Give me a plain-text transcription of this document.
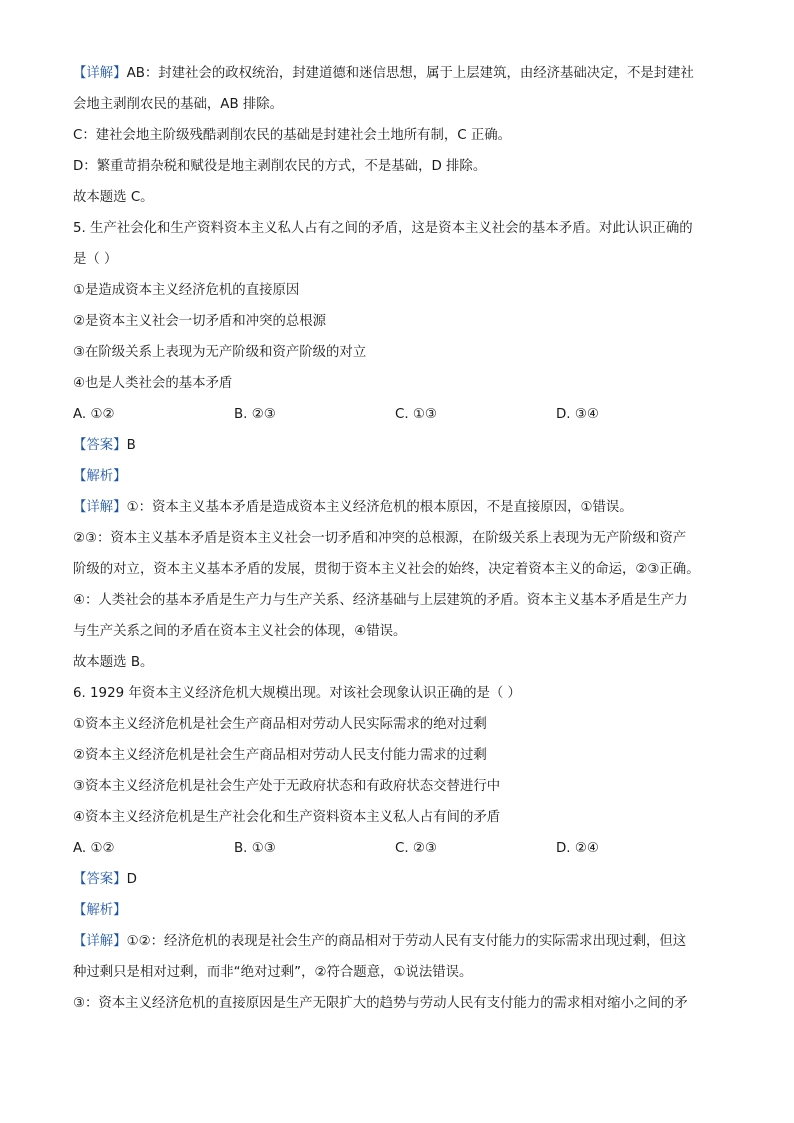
【详解】AB：封建社会的政权统治，封建道德和迷信思想，属于上层建筑，由经济基础决定，不是封建社
会地主剥削农民的基础，AB 排除。
C：建社会地主阶级残酷剥削农民的基础是封建社会土地所有制，C 正确。
D：繁重苛捐杂税和赋役是地主剥削农民的方式，不是基础，D 排除。
故本题选 C。
5. 生产社会化和生产资料资本主义私人占有之间的矛盾，这是资本主义社会的基本矛盾。对此认识正确的
是（ ）
①是造成资本主义经济危机的直接原因
②是资本主义社会一切矛盾和冲突的总根源
③在阶级关系上表现为无产阶级和资产阶级的对立
④也是人类社会的基本矛盾
A. ①②	B. ②③	C. ①③	D. ③④
【答案】B
【解析】
【详解】①：资本主义基本矛盾是造成资本主义经济危机的根本原因，不是直接原因，①错误。
②③：资本主义基本矛盾是资本主义社会一切矛盾和冲突的总根源，在阶级关系上表现为无产阶级和资产
阶级的对立，资本主义基本矛盾的发展，贯彻于资本主义社会的始终，决定着资本主义的命运，②③正确。
④：人类社会的基本矛盾是生产力与生产关系、经济基础与上层建筑的矛盾。资本主义基本矛盾是生产力
与生产关系之间的矛盾在资本主义社会的体现，④错误。
故本题选 B。
6. 1929 年资本主义经济危机大规模出现。对该社会现象认识正确的是（ ）
①资本主义经济危机是社会生产商品相对劳动人民实际需求的绝对过剩
②资本主义经济危机是社会生产商品相对劳动人民支付能力需求的过剩
③资本主义经济危机是社会生产处于无政府状态和有政府状态交替进行中
④资本主义经济危机是生产社会化和生产资料资本主义私人占有间的矛盾
A. ①②	B. ①③	C. ②③	D. ②④
【答案】D
【解析】
【详解】①②：经济危机的表现是社会生产的商品相对于劳动人民有支付能力的实际需求出现过剩，但这
种过剩只是相对过剩，而非“绝对过剩”，②符合题意，①说法错误。
③：资本主义经济危机的直接原因是生产无限扩大的趋势与劳动人民有支付能力的需求相对缩小之间的矛
